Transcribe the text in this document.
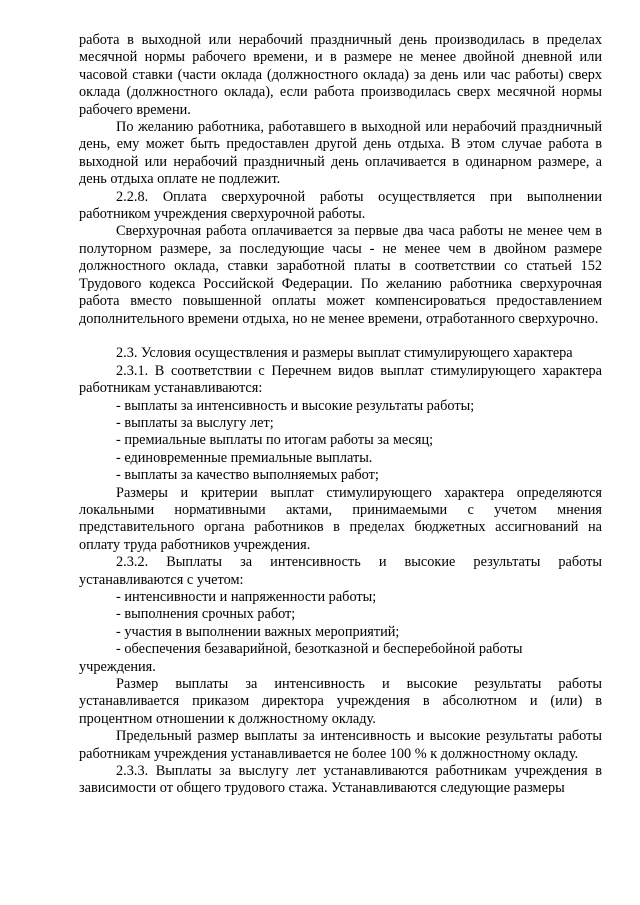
работа в выходной или нерабочий праздничный день производилась в пределах месячной нормы рабочего времени, и в размере не менее двойной дневной или часовой ставки (части оклада (должностного оклада) за день или час работы) сверх оклада (должностного оклада), если работа производилась сверх месячной нормы рабочего времени.

По желанию работника, работавшего в выходной или нерабочий праздничный день, ему может быть предоставлен другой день отдыха. В этом случае работа в выходной или нерабочий праздничный день оплачивается в одинарном размере, а день отдыха оплате не подлежит.

2.2.8. Оплата сверхурочной работы осуществляется при выполнении работником учреждения сверхурочной работы.

Сверхурочная работа оплачивается за первые два часа работы не менее чем в полуторном размере, за последующие часы - не менее чем в двойном размере должностного оклада, ставки заработной платы в соответствии со статьей 152 Трудового кодекса Российской Федерации. По желанию работника сверхурочная работа вместо повышенной оплаты может компенсироваться предоставлением дополнительного времени отдыха, но не менее времени, отработанного сверхурочно.

2.3. Условия осуществления и размеры выплат стимулирующего характера

2.3.1. В соответствии с Перечнем видов выплат стимулирующего характера работникам устанавливаются:

- выплаты за интенсивность и высокие результаты работы;

- выплаты за выслугу лет;

- премиальные выплаты по итогам работы за месяц;

- единовременные премиальные выплаты.

- выплаты за качество выполняемых работ;

Размеры и критерии выплат стимулирующего характера определяются локальными нормативными актами, принимаемыми с учетом мнения представительного органа работников в пределах бюджетных ассигнований на оплату труда работников учреждения.

2.3.2. Выплаты за интенсивность и высокие результаты работы устанавливаются с учетом:

- интенсивности и напряженности работы;

- выполнения срочных работ;

- участия в выполнении важных мероприятий;

- обеспечения безаварийной, безотказной и бесперебойной работы

учреждения.

Размер выплаты за интенсивность и высокие результаты работы устанавливается приказом директора учреждения в абсолютном и (или) в процентном отношении к должностному окладу.

Предельный размер выплаты за интенсивность и высокие результаты работы работникам учреждения устанавливается не более 100 % к должностному окладу.

2.3.3. Выплаты за выслугу лет устанавливаются работникам учреждения в зависимости от общего трудового стажа. Устанавливаются следующие размеры
